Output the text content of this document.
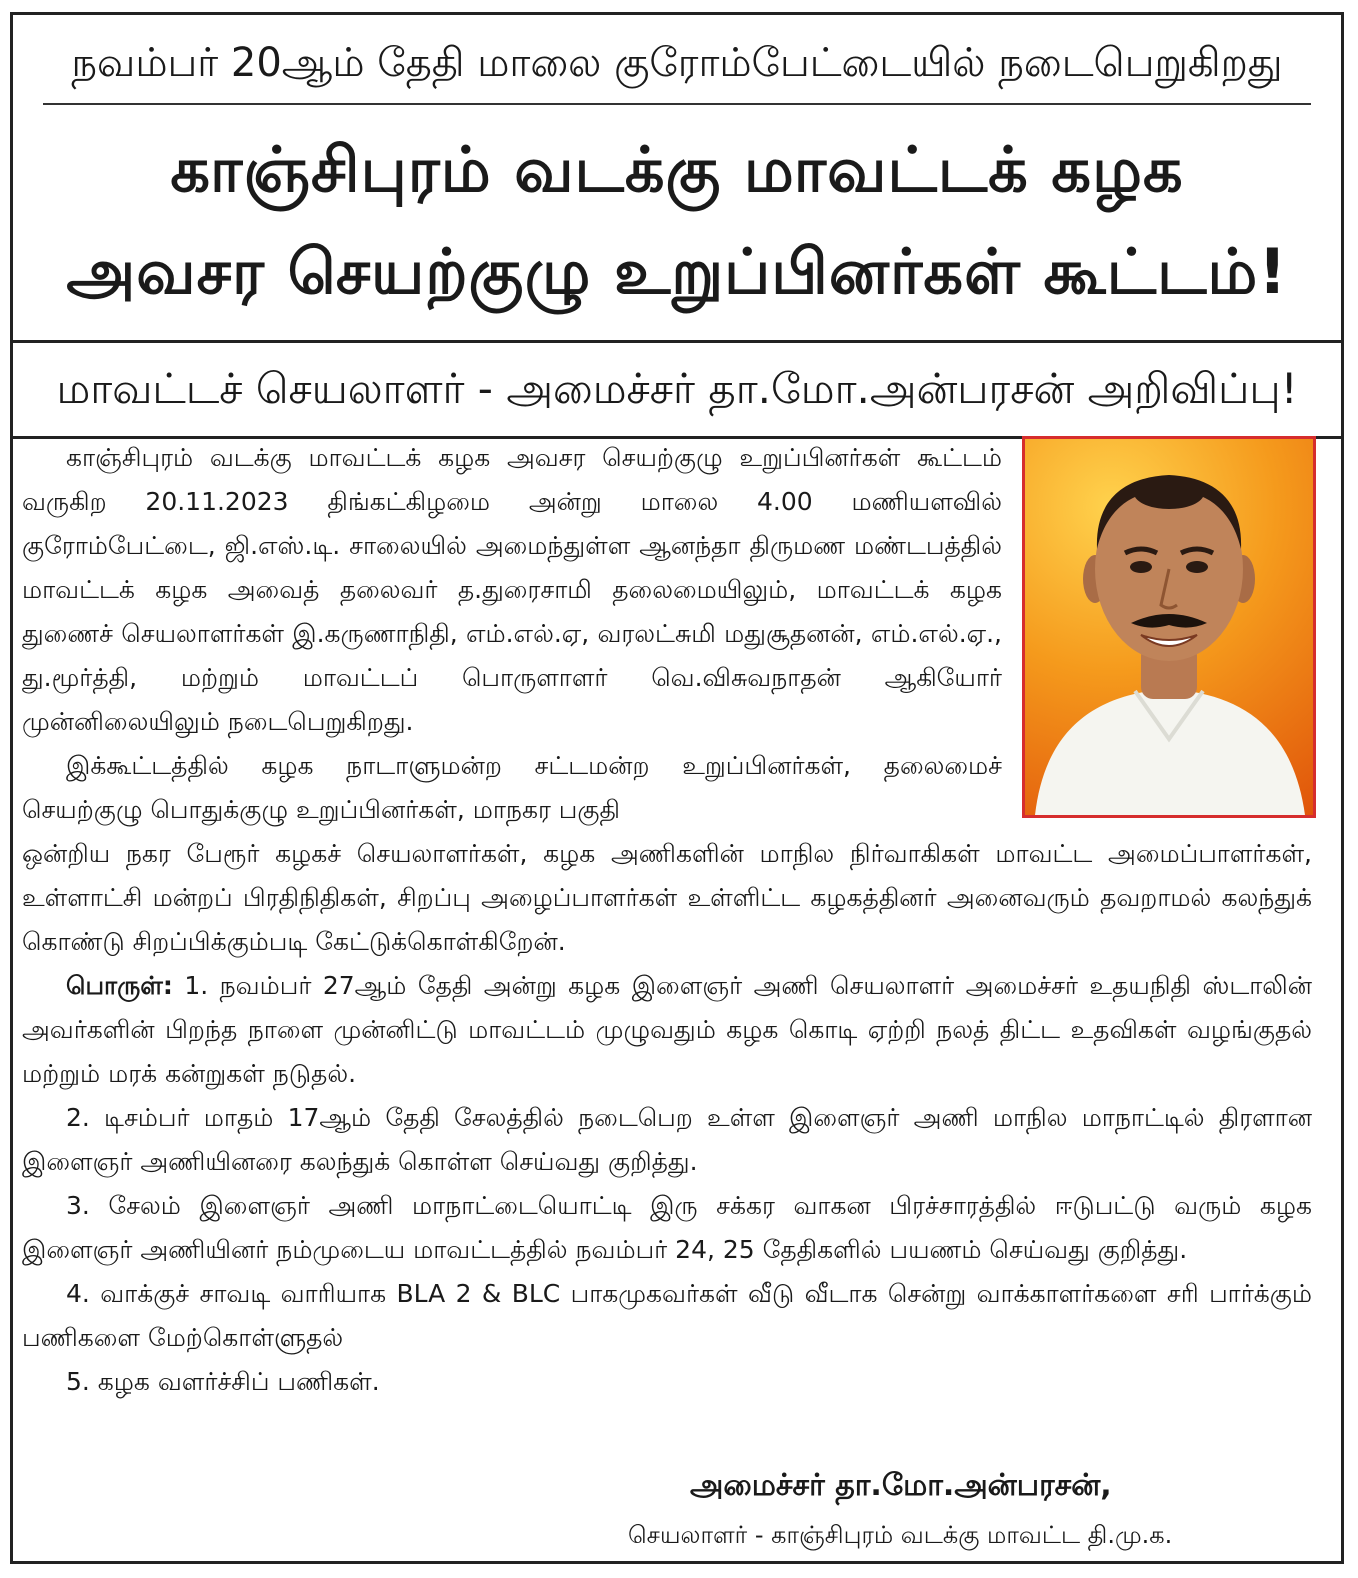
நவம்பர் 20ஆம் தேதி மாலை குரோம்பேட்டையில் நடைபெறுகிறது
காஞ்சிபுரம் வடக்கு மாவட்டக் கழக
அவசர செயற்குழு உறுப்பினர்கள் கூட்டம்!
மாவட்டச் செயலாளர் - அமைச்சர் தா.மோ.அன்பரசன் அறிவிப்பு!

காஞ்சிபுரம் வடக்கு மாவட்டக் கழக அவசர செயற்குழு உறுப்பினர்கள் கூட்டம் வருகிற 20.11.2023 திங்கட்கிழமை அன்று மாலை 4.00 மணியளவில் குரோம்பேட்டை, ஜி.எஸ்.டி. சாலையில் அமைந்துள்ள ஆனந்தா திருமண மண்டபத்தில் மாவட்டக் கழக அவைத் தலைவர் த.துரைசாமி தலைமையிலும், மாவட்டக் கழக துணைச் செயலாளர்கள் இ.கருணாநிதி, எம்.எல்.ஏ, வரலட்சுமி மதுசூதனன், எம்.எல்.ஏ., து.மூர்த்தி, மற்றும் மாவட்டப் பொருளாளர் வெ.விசுவநாதன் ஆகியோர் முன்னிலையிலும் நடைபெறுகிறது.

இக்கூட்டத்தில் கழக நாடாளுமன்ற சட்டமன்ற உறுப்பினர்கள், தலைமைச் செயற்குழு பொதுக்குழு உறுப்பினர்கள், மாநகர பகுதி

ஒன்றிய நகர பேரூர் கழகச் செயலாளர்கள், கழக அணிகளின் மாநில நிர்வாகிகள் மாவட்ட அமைப்பாளர்கள், உள்ளாட்சி மன்றப் பிரதிநிதிகள், சிறப்பு அழைப்பாளர்கள் உள்ளிட்ட கழகத்தினர் அனைவரும் தவறாமல் கலந்துக் கொண்டு சிறப்பிக்கும்படி கேட்டுக்கொள்கிறேன்.

பொருள்: 1. நவம்பர் 27ஆம் தேதி அன்று கழக இளைஞர் அணி செயலாளர் அமைச்சர் உதயநிதி ஸ்டாலின் அவர்களின் பிறந்த நாளை முன்னிட்டு மாவட்டம் முழுவதும் கழக கொடி ஏற்றி நலத் திட்ட உதவிகள் வழங்குதல் மற்றும் மரக் கன்றுகள் நடுதல்.

2. டிசம்பர் மாதம் 17ஆம் தேதி சேலத்தில் நடைபெற உள்ள இளைஞர் அணி மாநில மாநாட்டில் திரளான இளைஞர் அணியினரை கலந்துக் கொள்ள செய்வது குறித்து.

3. சேலம் இளைஞர் அணி மாநாட்டையொட்டி இரு சக்கர வாகன பிரச்சாரத்தில் ஈடுபட்டு வரும் கழக இளைஞர் அணியினர் நம்முடைய மாவட்டத்தில் நவம்பர் 24, 25 தேதிகளில் பயணம் செய்வது குறித்து.

4. வாக்குச் சாவடி வாரியாக BLA 2 & BLC பாகமுகவர்கள் வீடு வீடாக சென்று வாக்காளர்களை சரி பார்க்கும் பணிகளை மேற்கொள்ளுதல்

5. கழக வளர்ச்சிப் பணிகள்.

அமைச்சர் தா.மோ.அன்பரசன்,
செயலாளர் - காஞ்சிபுரம் வடக்கு மாவட்ட தி.மு.க.
